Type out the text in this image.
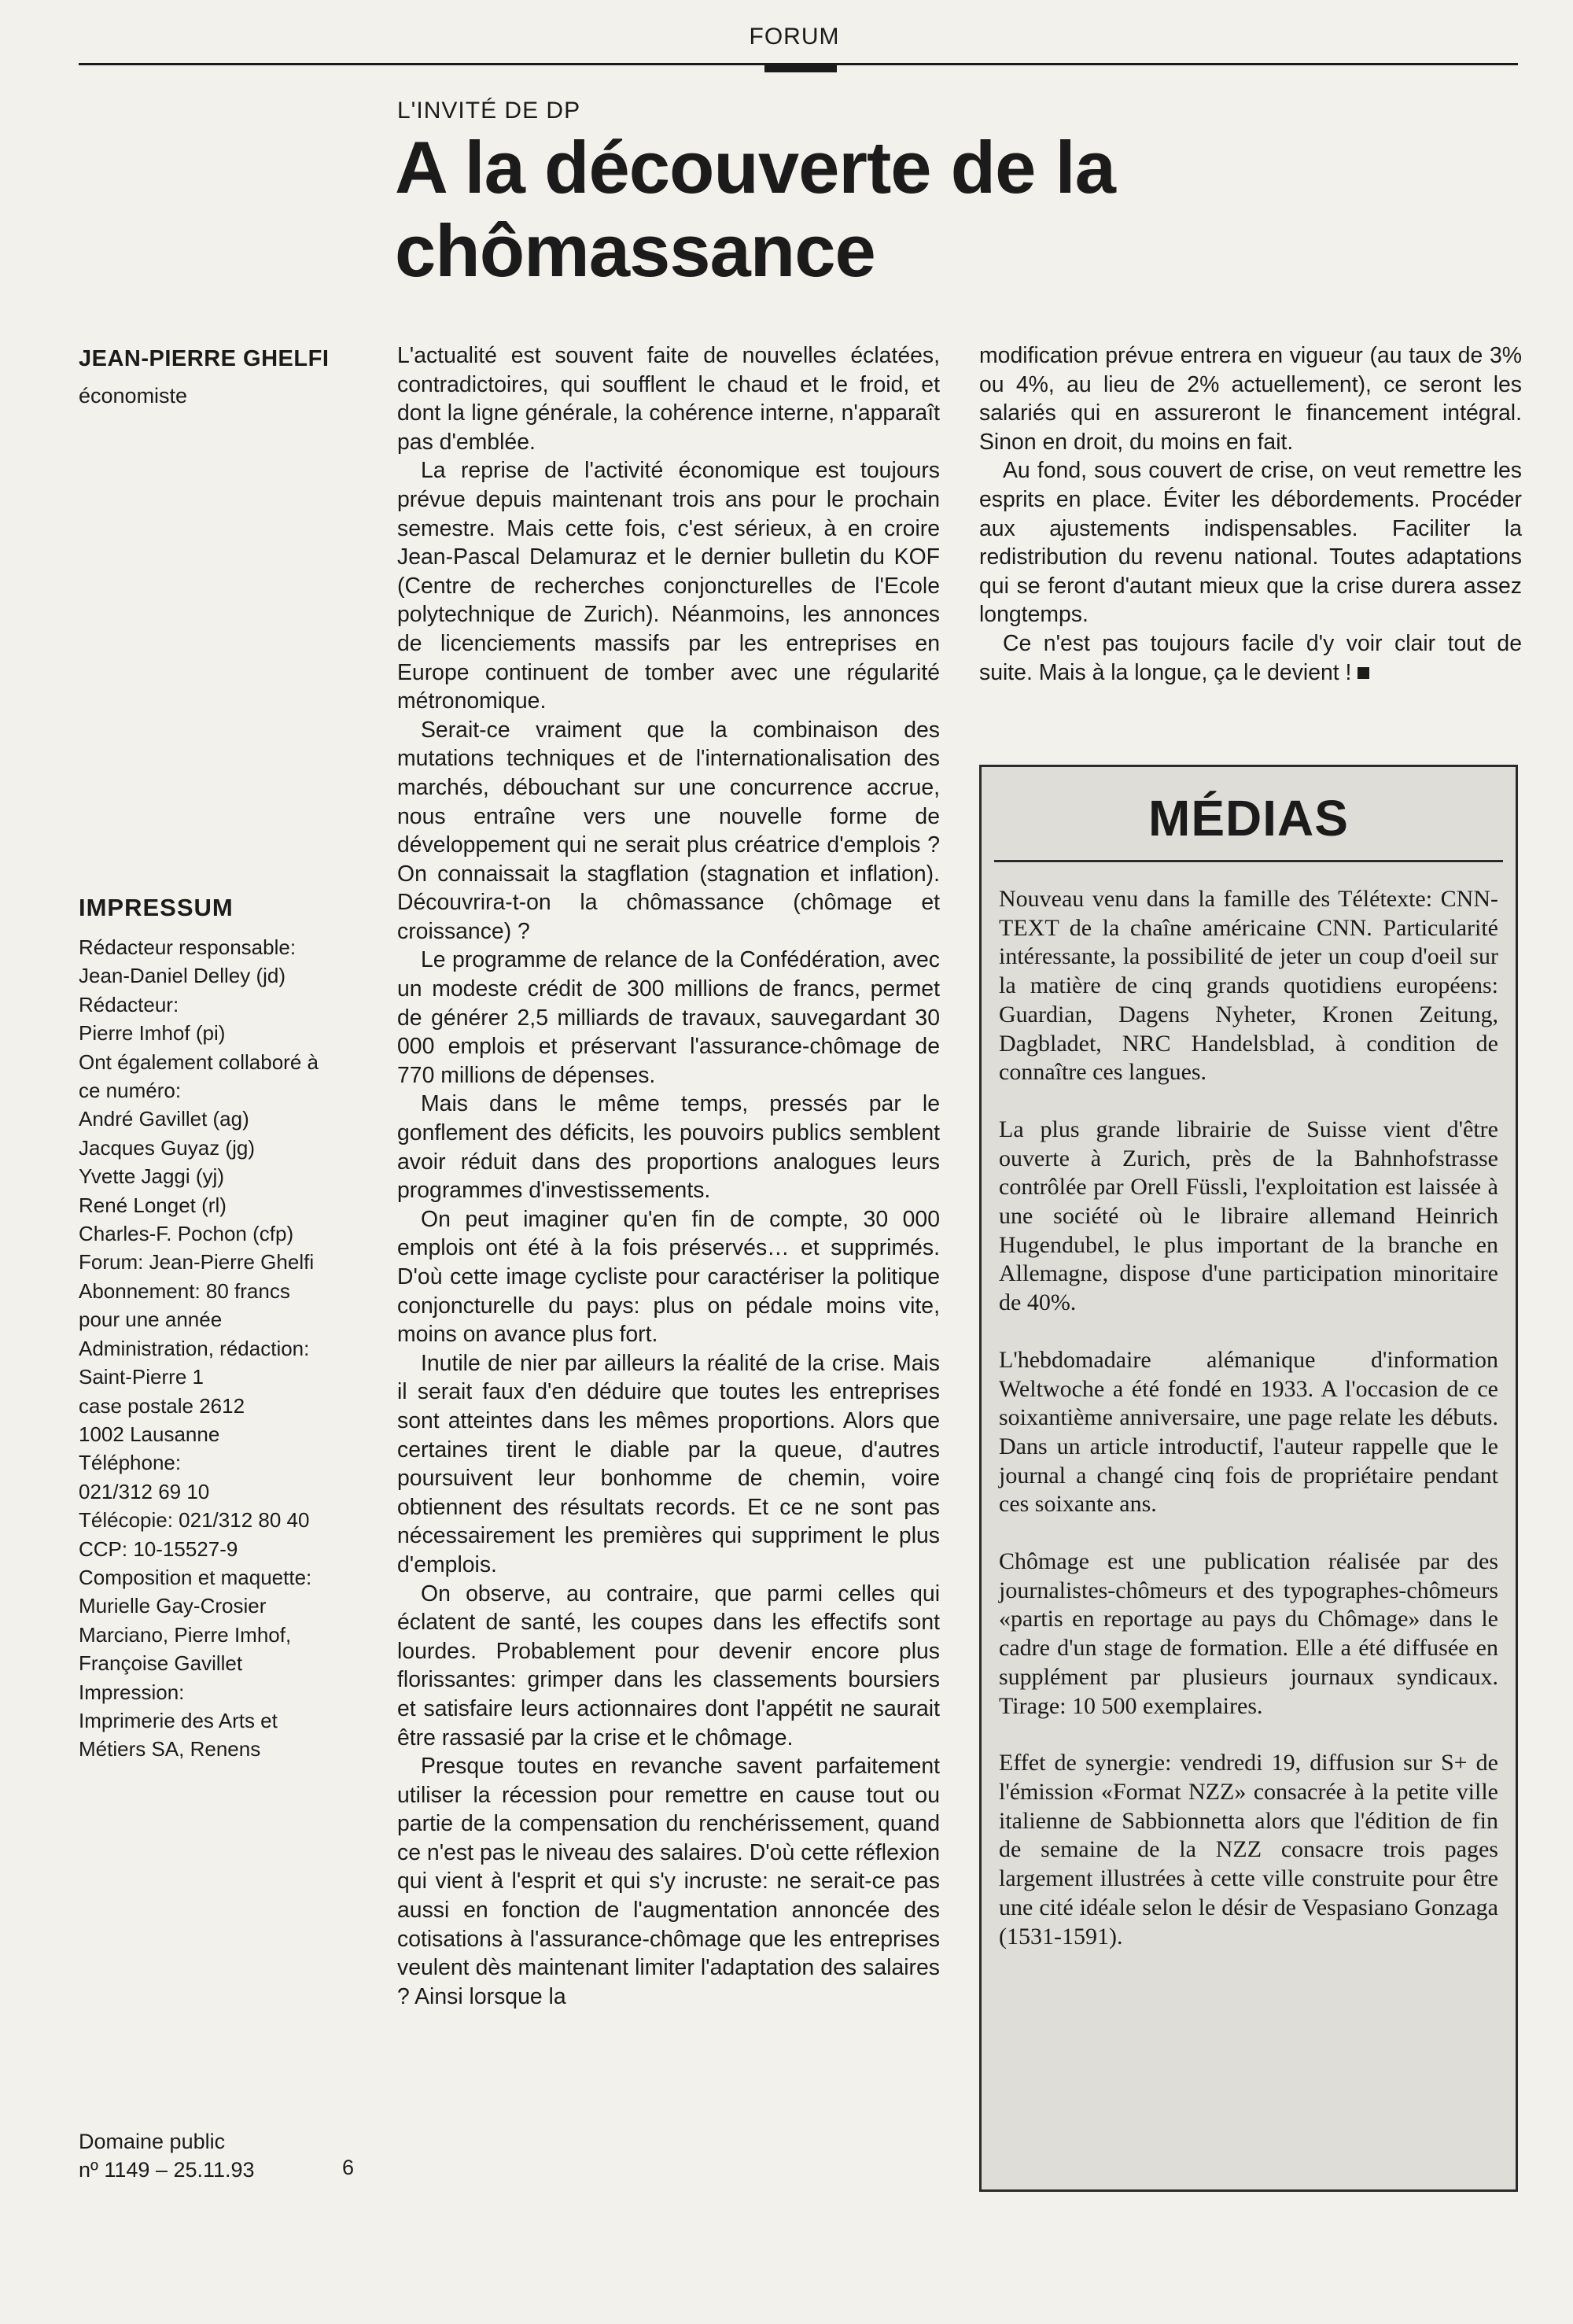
FORUM
L'INVITÉ DE DP
A la découverte de la chômassance
JEAN-PIERRE GHELFI
économiste
IMPRESSUM
Rédacteur responsable:
Jean-Daniel Delley (jd)
Rédacteur:
Pierre Imhof (pi)
Ont également collaboré à
ce numéro:
André Gavillet (ag)
Jacques Guyaz (jg)
Yvette Jaggi (yj)
René Longet (rl)
Charles-F. Pochon (cfp)
Forum: Jean-Pierre Ghelfi
Abonnement: 80 francs
pour une année
Administration, rédaction:
Saint-Pierre 1
case postale 2612
1002 Lausanne
Téléphone:
021/312 69 10
Télécopie: 021/312 80 40
CCP: 10-15527-9
Composition et maquette:
Murielle Gay-Crosier
Marciano, Pierre Imhof,
Françoise Gavillet
Impression:
Imprimerie des Arts et
Métiers SA, Renens
Domaine public
nº 1149 – 25.11.93	6

L'actualité est souvent faite de nouvelles éclatées, contradictoires, qui soufflent le chaud et le froid, et dont la ligne générale, la cohérence interne, n'apparaît pas d'emblée.

La reprise de l'activité économique est toujours prévue depuis maintenant trois ans pour le prochain semestre. Mais cette fois, c'est sérieux, à en croire Jean-Pascal Delamuraz et le dernier bulletin du KOF (Centre de recherches conjoncturelles de l'Ecole polytechnique de Zurich). Néanmoins, les annonces de licenciements massifs par les entreprises en Europe continuent de tomber avec une régularité métronomique.

Serait-ce vraiment que la combinaison des mutations techniques et de l'internationalisation des marchés, débouchant sur une concurrence accrue, nous entraîne vers une nouvelle forme de développement qui ne serait plus créatrice d'emplois ? On connaissait la stagflation (stagnation et inflation). Découvrira-t-on la chômassance (chômage et croissance) ?

Le programme de relance de la Confédération, avec un modeste crédit de 300 millions de francs, permet de générer 2,5 milliards de travaux, sauvegardant 30 000 emplois et préservant l'assurance-chômage de 770 millions de dépenses.

Mais dans le même temps, pressés par le gonflement des déficits, les pouvoirs publics semblent avoir réduit dans des proportions analogues leurs programmes d'investissements.

On peut imaginer qu'en fin de compte, 30 000 emplois ont été à la fois préservés… et supprimés. D'où cette image cycliste pour caractériser la politique conjoncturelle du pays: plus on pédale moins vite, moins on avance plus fort.

Inutile de nier par ailleurs la réalité de la crise. Mais il serait faux d'en déduire que toutes les entreprises sont atteintes dans les mêmes proportions. Alors que certaines tirent le diable par la queue, d'autres poursuivent leur bonhomme de chemin, voire obtiennent des résultats records. Et ce ne sont pas nécessairement les premières qui suppriment le plus d'emplois.

On observe, au contraire, que parmi celles qui éclatent de santé, les coupes dans les effectifs sont lourdes. Probablement pour devenir encore plus florissantes: grimper dans les classements boursiers et satisfaire leurs actionnaires dont l'appétit ne saurait être rassasié par la crise et le chômage.

Presque toutes en revanche savent parfaitement utiliser la récession pour remettre en cause tout ou partie de la compensation du renchérissement, quand ce n'est pas le niveau des salaires. D'où cette réflexion qui vient à l'esprit et qui s'y incruste: ne serait-ce pas aussi en fonction de l'augmentation annoncée des cotisations à l'assurance-chômage que les entreprises veulent dès maintenant limiter l'adaptation des salaires ? Ainsi lorsque la

modification prévue entrera en vigueur (au taux de 3% ou 4%, au lieu de 2% actuellement), ce seront les salariés qui en assureront le financement intégral. Sinon en droit, du moins en fait.

Au fond, sous couvert de crise, on veut remettre les esprits en place. Éviter les débordements. Procéder aux ajustements indispensables. Faciliter la redistribution du revenu national. Toutes adaptations qui se feront d'autant mieux que la crise durera assez longtemps.

Ce n'est pas toujours facile d'y voir clair tout de suite. Mais à la longue, ça le devient !

MÉDIAS

Nouveau venu dans la famille des Télétexte: CNN-TEXT de la chaîne américaine CNN. Particularité intéressante, la possibilité de jeter un coup d'oeil sur la matière de cinq grands quotidiens européens: Guardian, Dagens Nyheter, Kronen Zeitung, Dagbladet, NRC Handelsblad, à condition de connaître ces langues.

La plus grande librairie de Suisse vient d'être ouverte à Zurich, près de la Bahnhofstrasse contrôlée par Orell Füssli, l'exploitation est laissée à une société où le libraire allemand Heinrich Hugendubel, le plus important de la branche en Allemagne, dispose d'une participation minoritaire de 40%.

L'hebdomadaire alémanique d'information Weltwoche a été fondé en 1933. A l'occasion de ce soixantième anniversaire, une page relate les débuts. Dans un article introductif, l'auteur rappelle que le journal a changé cinq fois de propriétaire pendant ces soixante ans.

Chômage est une publication réalisée par des journalistes-chômeurs et des typographes-chômeurs «partis en reportage au pays du Chômage» dans le cadre d'un stage de formation. Elle a été diffusée en supplément par plusieurs journaux syndicaux. Tirage: 10 500 exemplaires.

Effet de synergie: vendredi 19, diffusion sur S+ de l'émission «Format NZZ» consacrée à la petite ville italienne de Sabbionnetta alors que l'édition de fin de semaine de la NZZ consacre trois pages largement illustrées à cette ville construite pour être une cité idéale selon le désir de Vespasiano Gonzaga (1531-1591).
